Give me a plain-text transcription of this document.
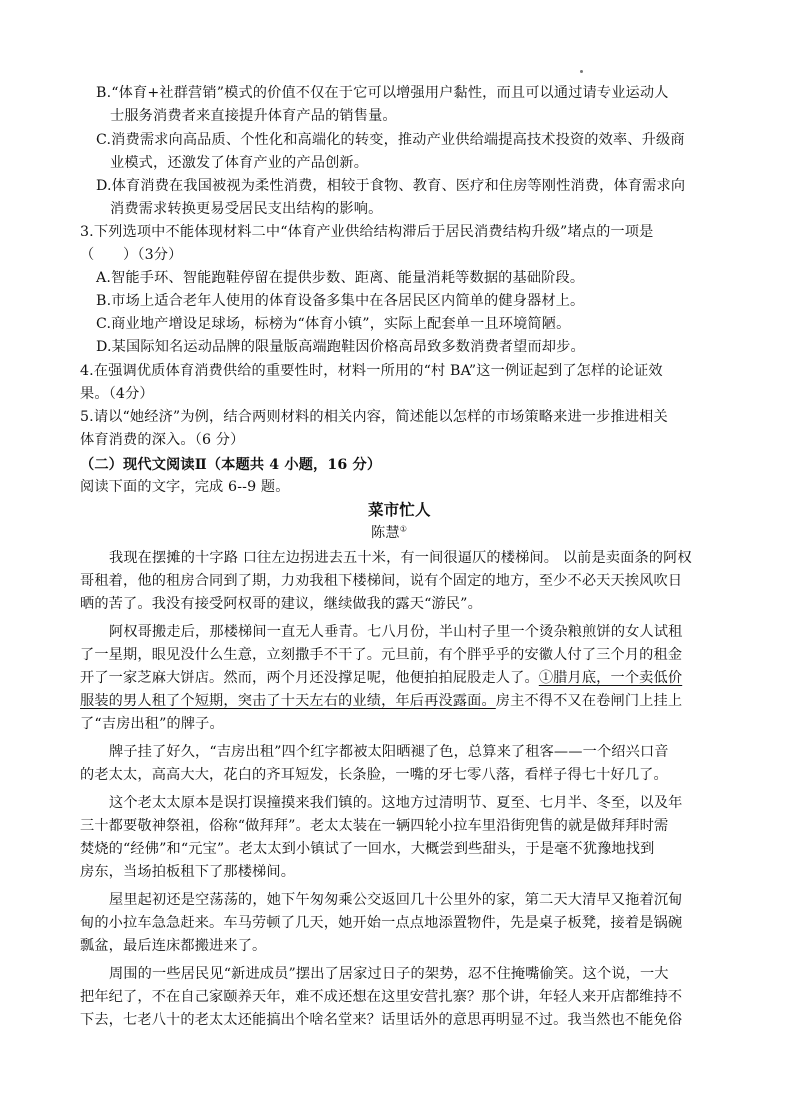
B.“体育+社群营销”模式的价值不仅在于它可以增强用户黏性，而且可以通过请专业运动人
士服务消费者来直接提升体育产品的销售量。
C.消费需求向高品质、个性化和高端化的转变，推动产业供给端提高技术投资的效率、升级商
业模式，还激发了体育产业的产品创新。
D.体育消费在我国被视为柔性消费，相较于食物、教育、医疗和住房等刚性消费，体育需求向
消费需求转换更易受居民支出结构的影响。
3.下列选项中不能体现材料二中“体育产业供给结构滞后于居民消费结构升级”堵点的一项是
（　　）（3分）
A.智能手环、智能跑鞋停留在提供步数、距离、能量消耗等数据的基础阶段。
B.市场上适合老年人使用的体育设备多集中在各居民区内简单的健身器材上。
C.商业地产增设足球场，标榜为“体育小镇”，实际上配套单一且环境简陋。
D.某国际知名运动品牌的限量版高端跑鞋因价格高昂致多数消费者望而却步。
4.在强调优质体育消费供给的重要性时，材料一所用的“村 BA”这一例证起到了怎样的论证效
果。（4分）
5.请以“她经济”为例，结合两则材料的相关内容，简述能以怎样的市场策略来进一步推进相关
体育消费的深入。（6 分）
（二）现代文阅读Ⅱ（本题共 4 小题，16 分）
阅读下面的文字，完成 6--9 题。
菜市忙人
陈慧①
我现在摆摊的十字路 口往左边拐进去五十米，有一间很逼仄的楼梯间。 以前是卖面条的阿权
哥租着，他的租房合同到了期，力劝我租下楼梯间，说有个固定的地方，至少不必天天挨风吹日
晒的苦了。我没有接受阿权哥的建议，继续做我的露天“游民”。
阿权哥搬走后，那楼梯间一直无人垂青。七八月份，半山村子里一个烫杂粮煎饼的女人试租
了一星期，眼见没什么生意，立刻撒手不干了。元旦前，有个胖乎乎的安徽人付了三个月的租金
开了一家芝麻大饼店。然而，两个月还没撑足呢，他便拍拍屁股走人了。①腊月底，一个卖低价
服装的男人租了个短期，突击了十天左右的业绩，年后再没露面。房主不得不又在卷闸门上挂上
了“吉房出租”的牌子。
牌子挂了好久，“吉房出租”四个红字都被太阳晒褪了色，总算来了租客——一个绍兴口音
的老太太，高高大大，花白的齐耳短发，长条脸，一嘴的牙七零八落，看样子得七十好几了。
这个老太太原本是误打误撞摸来我们镇的。这地方过清明节、夏至、七月半、冬至，以及年
三十都要敬神祭祖，俗称“做拜拜”。老太太装在一辆四轮小拉车里沿街兜售的就是做拜拜时需
焚烧的“经佛”和“元宝”。老太太到小镇试了一回水，大概尝到些甜头，于是毫不犹豫地找到
房东，当场拍板租下了那楼梯间。
屋里起初还是空荡荡的，她下午匆匆乘公交返回几十公里外的家，第二天大清早又拖着沉甸
甸的小拉车急急赶来。车马劳顿了几天，她开始一点点地添置物件，先是桌子板凳，接着是锅碗
瓢盆，最后连床都搬进来了。
周围的一些居民见“新进成员”摆出了居家过日子的架势，忍不住掩嘴偷笑。这个说，一大
把年纪了，不在自己家颐养天年，难不成还想在这里安营扎寨？那个讲，年轻人来开店都维持不
下去，七老八十的老太太还能搞出个啥名堂来？话里话外的意思再明显不过。我当然也不能免俗
